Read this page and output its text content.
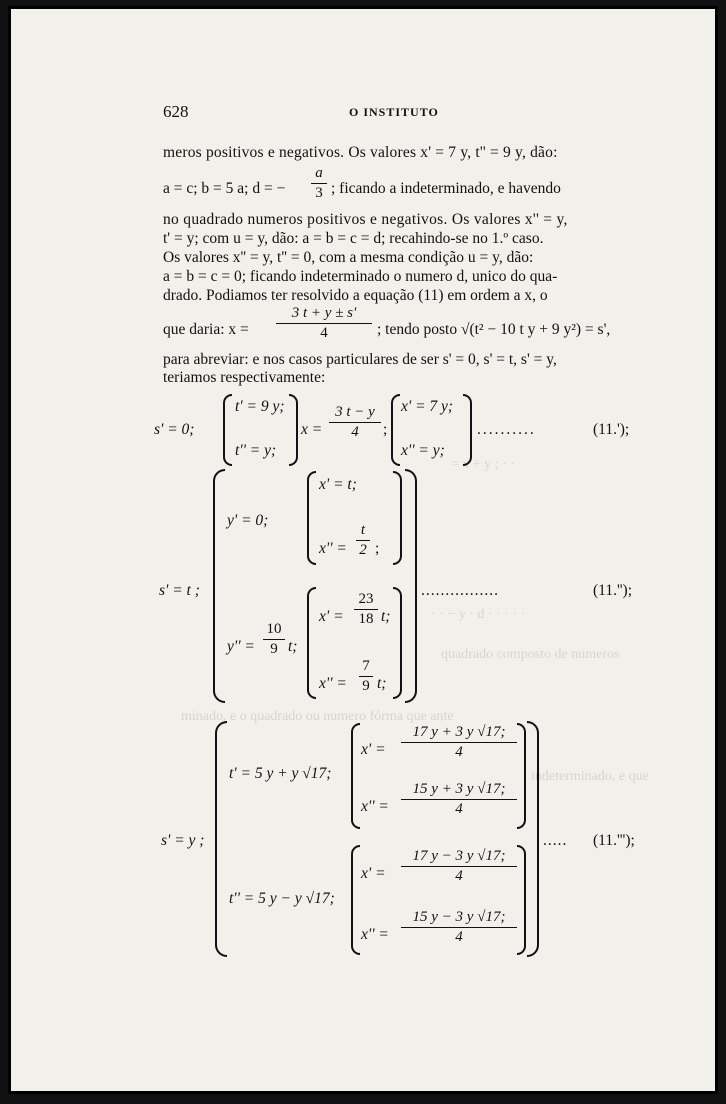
= x + y ; · ·
· · − y · d · · · · ·
quadrado composto de numeros
minado, e o quadrado ou numero fórma que ante
indeterminado, e que
628	O INSTITUTO
meros positivos e negativos. Os valores x' = 7 y, t'' = 9 y, dão:
a = c; b = 5 a; d = − $\frac{a}{3}$ ; ficando a indeterminado, e havendo
no quadrado numeros positivos e negativos. Os valores x'' = y,
t' = y; com u = y, dão: a = b = c = d; recahindo-se no 1.º caso.
Os valores x'' = y, t'' = 0, com a mesma condição u = y, dão:
a = b = c = 0; ficando indeterminado o numero d, unico do qua-
drado. Podiamos ter resolvido a equação (11) em ordem a x, o
que daria: $x = \frac{3 t + y \pm s'}{4}$ ; tendo posto √(t² − 10 t y + 9 y²) = s',
para abreviar: e nos casos particulares de ser s' = 0, s' = t, s' = y,
teriamos respectivamente:
s' = 0;
t' = 9 y;
t'' = y;
$x = \frac{3 t - y}{4}$ ;
x' = 7 y;
x'' = y;
..........	(11.');
s' = t ;
y' = 0;
$y'' = \frac{10}{9} t$;
x' = t;
$x'' = \frac{t}{2}$ ;
$x' = \frac{23}{18} t$;
$x'' = \frac{7}{9} t$;
................	(11.'');
s' = y ;
t' = 5 y + y √17;
t'' = 5 y − y √17;
$x' = \frac{17 y + 3 y √17;}{4}$
$x'' = \frac{15 y + 3 y √17;}{4}$
$x' = \frac{17 y - 3 y √17;}{4}$
$x'' = \frac{15 y - 3 y √17;}{4}$
..... (11.''');
